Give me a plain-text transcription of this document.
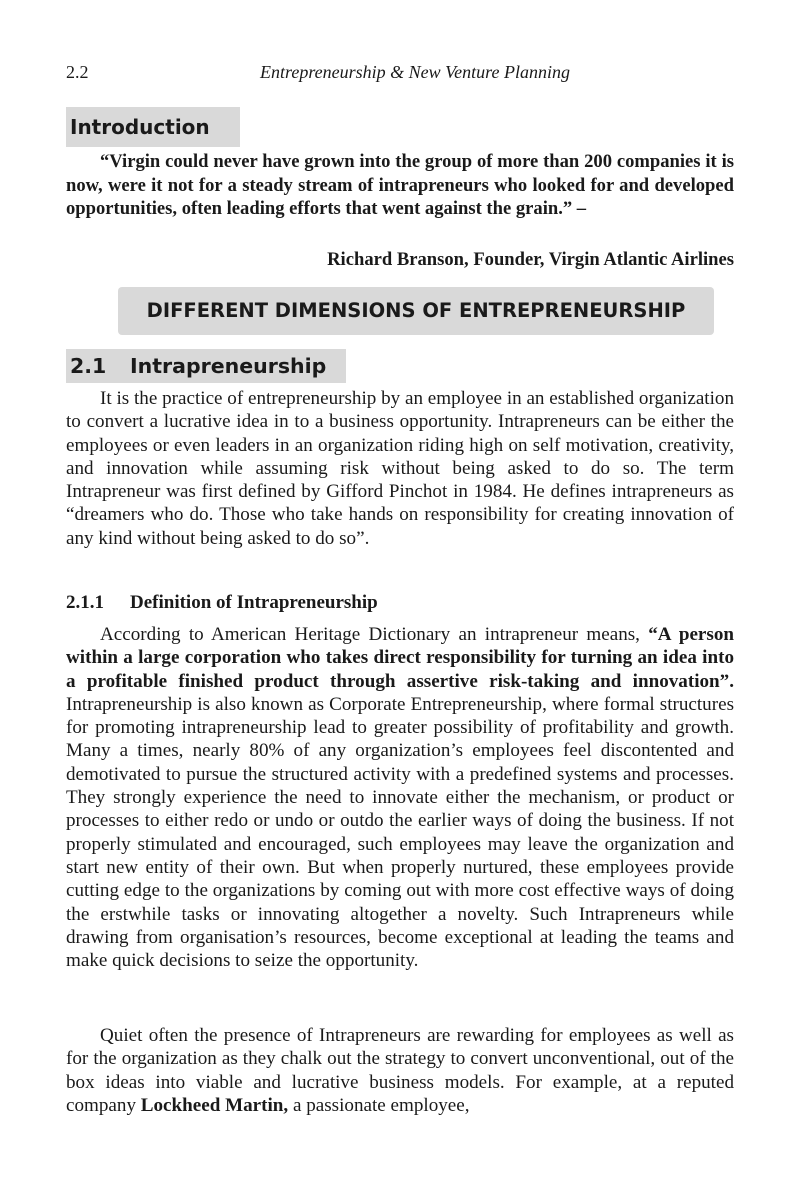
2.2	Entrepreneurship & New Venture Planning
Introduction

“Virgin could never have grown into the group of more than 200 companies it is now, were it not for a steady stream of intrapreneurs who looked for and developed opportunities, often leading efforts that went against the grain.” –

Richard Branson, Founder, Virgin Atlantic Airlines
DIFFERENT DIMENSIONS OF ENTREPRENEURSHIP
2.1 Intrapreneurship

It is the practice of entrepreneurship by an employee in an established organization to convert a lucrative idea in to a business opportunity. Intrapreneurs can be either the employees or even leaders in an organization riding high on self motivation, creativity, and innovation while assuming risk without being asked to do so. The term Intrapreneur was first defined by Gifford Pinchot in 1984. He defines intrapreneurs as “dreamers who do. Those who take hands on responsibility for creating innovation of any kind without being asked to do so”.

2.1.1 Definition of Intrapreneurship

According to American Heritage Dictionary an intrapreneur means, “A person within a large corporation who takes direct responsibility for turning an idea into a profitable finished product through assertive risk-taking and innovation”. Intrapreneurship is also known as Corporate Entrepreneurship, where formal structures for promoting intrapreneurship lead to greater possibility of profitability and growth. Many a times, nearly 80% of any organization’s employees feel discontented and demotivated to pursue the structured activity with a predefined systems and processes. They strongly experience the need to innovate either the mechanism, or product or processes to either redo or undo or outdo the earlier ways of doing the business. If not properly stimulated and encouraged, such employees may leave the organization and start new entity of their own. But when properly nurtured, these employees provide cutting edge to the organizations by coming out with more cost effective ways of doing the erstwhile tasks or innovating altogether a novelty. Such Intrapreneurs while drawing from organisation’s resources, become exceptional at leading the teams and make quick decisions to seize the opportunity.

Quiet often the presence of Intrapreneurs are rewarding for employees as well as for the organization as they chalk out the strategy to convert unconventional, out of the box ideas into viable and lucrative business models. For example, at a reputed company Lockheed Martin, a passionate employee,
